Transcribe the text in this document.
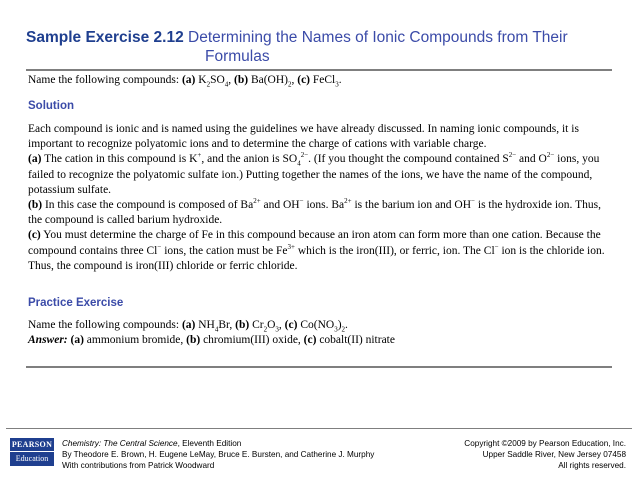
Sample Exercise 2.12 Determining the Names of Ionic Compounds from Their
Formulas
Name the following compounds: (a) $K_2SO_4$, (b) $Ba(OH)_2$, (c) FeCl$_3$.
Solution
Each compound is ionic and is named using the guidelines we have already discussed. In naming ionic compounds, it is important to recognize polyatomic ions and to determine the charge of cations with variable charge.
(a) The cation in this compound is K+, and the anion is $SO_4^{2-}$. (If you thought the compound contained $S^{2-}$ and $O^{2-}$ ions, you failed to recognize the polyatomic sulfate ion.) Putting together the names of the ions, we have the name of the compound, potassium sulfate.
(b) In this case the compound is composed of $Ba^{2+}$ and OH− ions. $Ba^{2+}$ is the barium ion and OH− is the hydroxide ion. Thus, the compound is called barium hydroxide.
(c) You must determine the charge of Fe in this compound because an iron atom can form more than one cation. Because the compound contains three Cl− ions, the cation must be $Fe^{3+}$ which is the iron(III), or ferric, ion. The Cl− ion is the chloride ion. Thus, the compound is iron(III) chloride or ferric chloride.
Practice Exercise
Name the following compounds: (a) $NH_4Br$, (b) $Cr_2O_3$, (c) $Co(NO_3)_2$.
Answer: (a) ammonium bromide, (b) chromium(III) oxide, (c) cobalt(II) nitrate
PEARSON
Education
Chemistry: The Central Science, Eleventh Edition
By Theodore E. Brown, H. Eugene LeMay, Bruce E. Bursten, and Catherine J. Murphy
With contributions from Patrick Woodward
Copyright ©2009 by Pearson Education, Inc.
Upper Saddle River, New Jersey 07458
All rights reserved.
